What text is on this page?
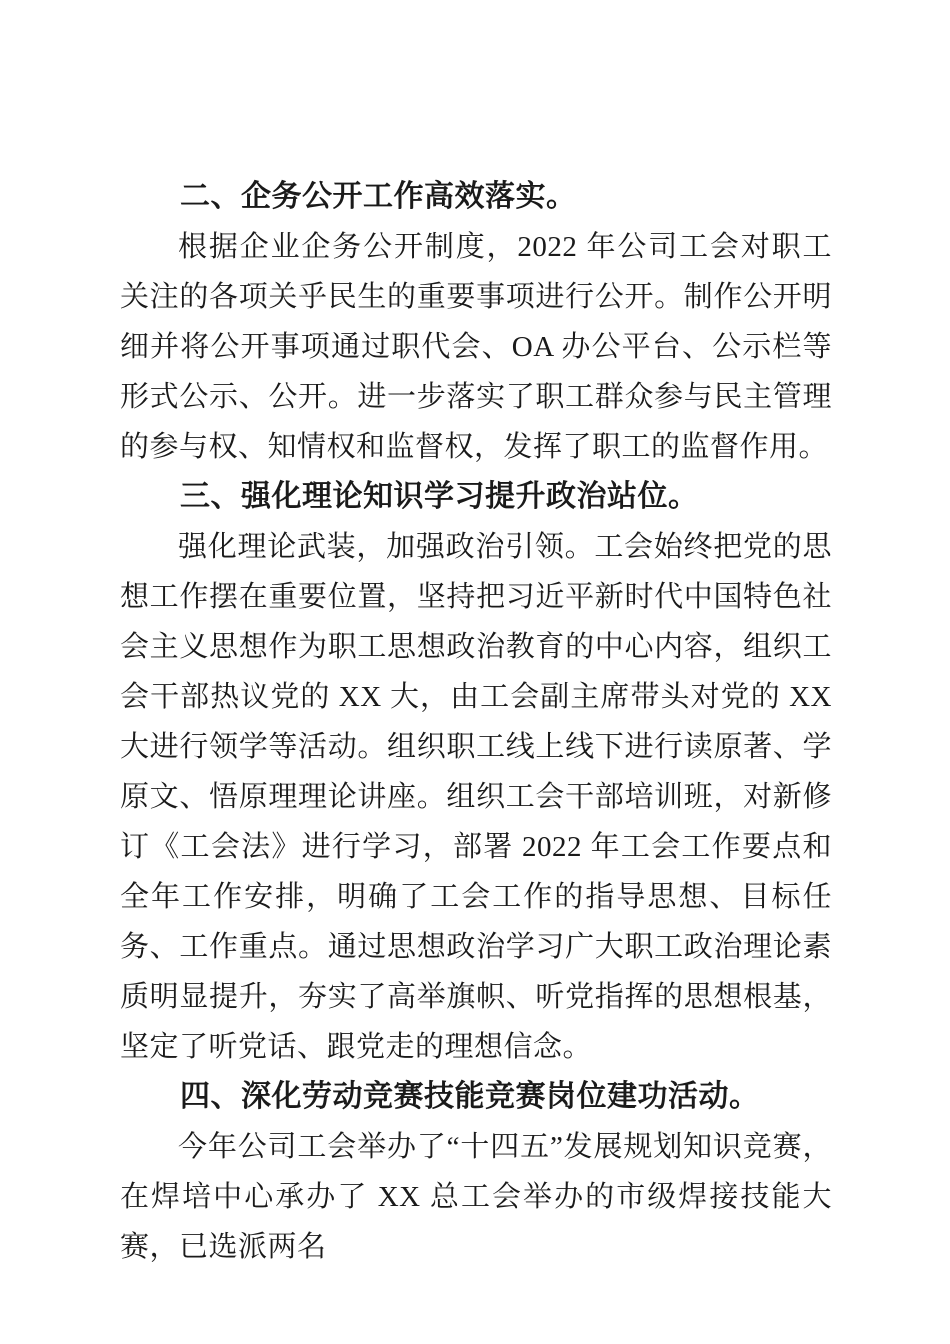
二、企务公开工作高效落实。

根据企业企务公开制度，2022 年公司工会对职工关注的各项关乎民生的重要事项进行公开。制作公开明细并将公开事项通过职代会、OA 办公平台、公示栏等形式公示、公开。进一步落实了职工群众参与民主管理的参与权、知情权和监督权，发挥了职工的监督作用。

三、强化理论知识学习提升政治站位。

强化理论武装，加强政治引领。工会始终把党的思想工作摆在重要位置，坚持把习近平新时代中国特色社会主义思想作为职工思想政治教育的中心内容，组织工会干部热议党的 XX 大，由工会副主席带头对党的 XX 大进行领学等活动。组织职工线上线下进行读原著、学原文、悟原理理论讲座。组织工会干部培训班，对新修订《工会法》进行学习，部署 2022 年工会工作要点和全年工作安排，明确了工会工作的指导思想、目标任务、工作重点。通过思想政治学习广大职工政治理论素质明显提升，夯实了高举旗帜、听党指挥的思想根基，坚定了听党话、跟党走的理想信念。

四、深化劳动竞赛技能竞赛岗位建功活动。

今年公司工会举办了“十四五”发展规划知识竞赛，在焊培中心承办了 XX 总工会举办的市级焊接技能大赛，已选派两名
